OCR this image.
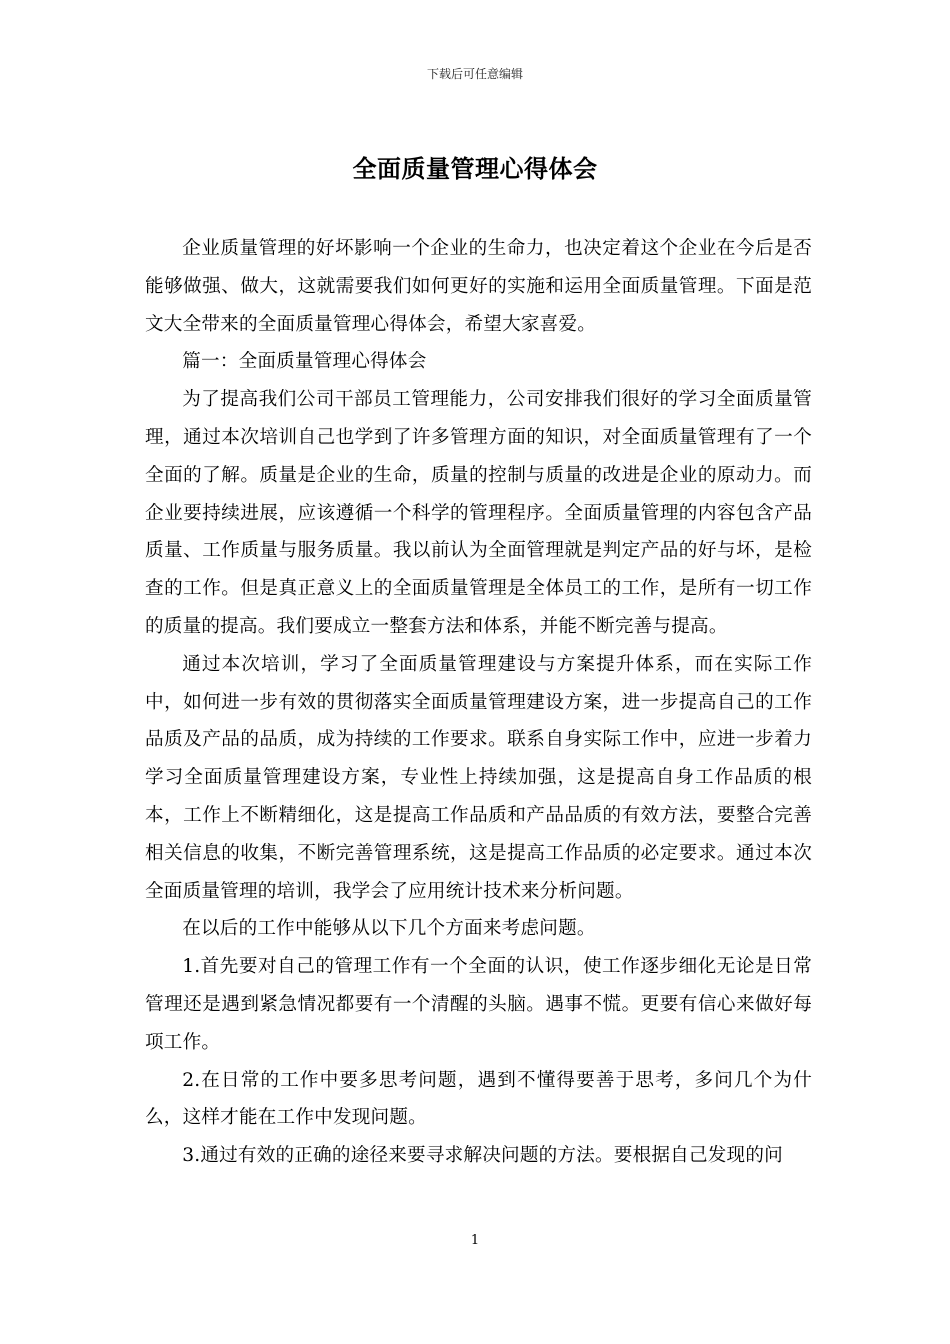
下载后可任意编辑
全面质量管理心得体会

企业质量管理的好坏影响一个企业的生命力，也决定着这个企业在今后是否能够做强、做大，这就需要我们如何更好的实施和运用全面质量管理。下面是范文大全带来的全面质量管理心得体会，希望大家喜爱。

篇一：全面质量管理心得体会

为了提高我们公司干部员工管理能力，公司安排我们很好的学习全面质量管理，通过本次培训自己也学到了许多管理方面的知识，对全面质量管理有了一个全面的了解。质量是企业的生命，质量的控制与质量的改进是企业的原动力。而企业要持续进展，应该遵循一个科学的管理程序。全面质量管理的内容包含产品质量、工作质量与服务质量。我以前认为全面管理就是判定产品的好与坏，是检查的工作。但是真正意义上的全面质量管理是全体员工的工作，是所有一切工作的质量的提高。我们要成立一整套方法和体系，并能不断完善与提高。

通过本次培训，学习了全面质量管理建设与方案提升体系，而在实际工作中，如何进一步有效的贯彻落实全面质量管理建设方案，进一步提高自己的工作品质及产品的品质，成为持续的工作要求。联系自身实际工作中，应进一步着力学习全面质量管理建设方案，专业性上持续加强，这是提高自身工作品质的根本，工作上不断精细化，这是提高工作品质和产品品质的有效方法，要整合完善相关信息的收集，不断完善管理系统，这是提高工作品质的必定要求。通过本次全面质量管理的培训，我学会了应用统计技术来分析问题。

在以后的工作中能够从以下几个方面来考虑问题。

1.首先要对自己的管理工作有一个全面的认识，使工作逐步细化无论是日常管理还是遇到紧急情况都要有一个清醒的头脑。遇事不慌。更要有信心来做好每项工作。

2.在日常的工作中要多思考问题，遇到不懂得要善于思考，多问几个为什么，这样才能在工作中发现问题。

3.通过有效的正确的途径来要寻求解决问题的方法。要根据自己发现的问

1
